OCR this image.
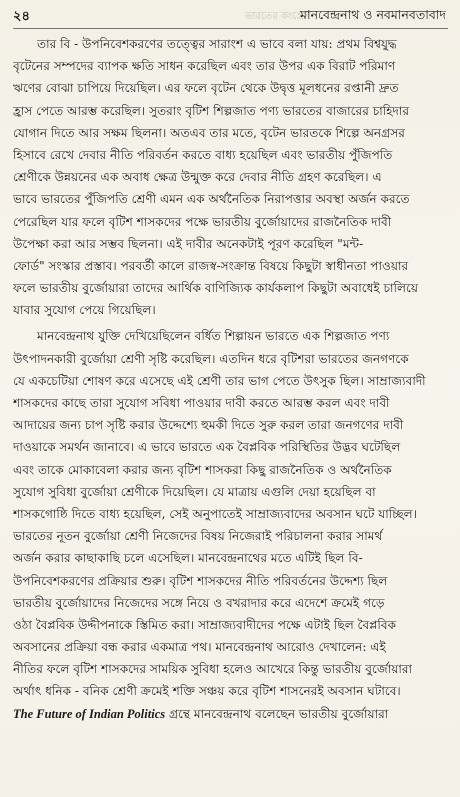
২৪	ভারতের কংগ্রেস
মানবেন্দ্রনাথ ও নবমানবতাবাদ
তার বি - উপনিবেশকরণের তত্ত্বের সারাংশ এ ভাবে বলা যায়: প্রথম বিশ্বযুদ্ধ
বৃটেনের সম্পদের ব্যাপক ক্ষতি সাধন করেছিল এবং তার উপর এক বিরাট পরিমাণ
ঋণের বোঝা চাপিয়ে দিয়েছিল। এর ফলে বৃটেন থেকে উদ্বৃত্ত মূলধনের রপ্তানী দ্রুত
হ্রাস পেতে আরম্ভ করেছিল। সুতরাং বৃটিশ শিল্পজাত পণ্য ভারতের বাজারের চাহিদার
যোগান দিতে আর সক্ষম ছিলনা। অতএব তার মতে, বৃটেন ভারতকে শিল্পে অনগ্রসর
হিসাবে রেখে দেবার নীতি পরিবর্তন করতে বাধ্য হয়েছিল এবং ভারতীয় পুঁজিপতি
শ্রেণীকে উন্নয়নের এক অবাধ ক্ষেত্র উন্মুক্ত করে দেবার নীতি গ্রহণ করেছিল। এ
ভাবে ভারতের পুঁজিপতি শ্রেণী এমন এক অর্থনৈতিক নিরাপত্তার অবস্থা অর্জন করতে
পেরেছিল যার ফলে বৃটিশ শাসকদের পক্ষে ভারতীয় বুর্জোয়াদের রাজনৈতিক দাবী
উপেক্ষা করা আর সম্ভব ছিলনা। এই দাবীর অনেকটাই পূরণ করেছিল "মন্ট-
ফোর্ড" সংস্কার প্রস্তাব। পরবর্তী কালে রাজস্ব-সংক্রান্ত বিষয়ে কিছুটা স্বাধীনতা পাওয়ার
ফলে ভারতীয় বুর্জোয়ারা তাদের আর্থিক বাণিজ্যিক কার্যকলাপ কিছুটা অবাধেই চালিয়ে
যাবার সুযোগ পেয়ে গিয়েছিল।
মানবেন্দ্রনাথ যুক্তি দেখিয়েছিলেন বর্ধিত শিল্পায়ন ভারতে এক শিল্পজাত পণ্য
উৎপাদনকারী বুর্জোয়া শ্রেণী সৃষ্টি করেছিল। এতদিন ধরে বৃটিশরা ভারতের জনগণকে
যে একচেটিয়া শোষণ করে এসেছে এই শ্রেণী তার ভাগ পেতে উৎসুক ছিল। সাম্রাজ্যবাদী
শাসকদের কাছে তারা সুযোগ সবিধা পাওয়ার দাবী করতে আরম্ভ করল এবং দাবী
আদায়ের জন্য চাপ সৃষ্টি করার উদ্দেশ্যে হুমকী দিতে সুরু করল তারা জনগণের দাবী
দাওয়াকে সমর্থন জানাবে। এ ভাবে ভারতে এক বৈপ্লবিক পরিস্থিতির উদ্ভব ঘটেছিল
এবং তাকে মোকাবেলা করার জন্য বৃটিশ শাসকরা কিছু রাজনৈতিক ও অর্থনৈতিক
সুযোগ সুবিধা বুর্জোয়া শ্রেণীকে দিয়েছিল। যে মাত্রায় এগুলি দেয়া হয়েছিল বা
শাসকগোষ্ঠি দিতে বাধ্য হয়েছিল, সেই অনুপাতেই সাম্রাজ্যবাদের অবসান ঘটে যাচ্ছিল।
ভারতের নূতন বুর্জোয়া শ্রেণী নিজেদের বিষয় নিজেরাই পরিচালনা করার সামর্থ
অর্জন করার কাছাকাছি চলে এসেছিল। মানবেন্দ্রনাথের মতে এটিই ছিল বি-
উপনিবেশকরণের প্রক্রিয়ার শুরু। বৃটিশ শাসকদের নীতি পরিবর্তনের উদ্দেশ্য ছিল
ভারতীয় বুর্জোয়াদের নিজেদের সঙ্গে নিয়ে ও বখরাদার করে এদেশে ক্রমেই গড়ে
ওঠা বৈপ্লবিক উদ্দীপনাকে স্তিমিত করা। সাম্রাজ্যবাদীদের পক্ষে এটাই ছিল বৈপ্লবিক
অবসানের প্রক্রিয়া বন্ধ করার একমাত্র পথ। মানবেন্দ্রনাথ আরোও দেখালেন: এই
নীতির ফলে বৃটিশ শাসকদের সাময়িক সুবিধা হলেও আখেরে কিন্তু ভারতীয় বুর্জোয়ারা
অর্থাৎ ধনিক - বনিক শ্রেণী ক্রমেই শক্তি সঞ্চয় করে বৃটিশ শাসনেরই অবসান ঘটাবে।
The Future of Indian Politics গ্রন্থে মানবেন্দ্রনাথ বলেছেন ভারতীয় বুর্জোয়ারা
